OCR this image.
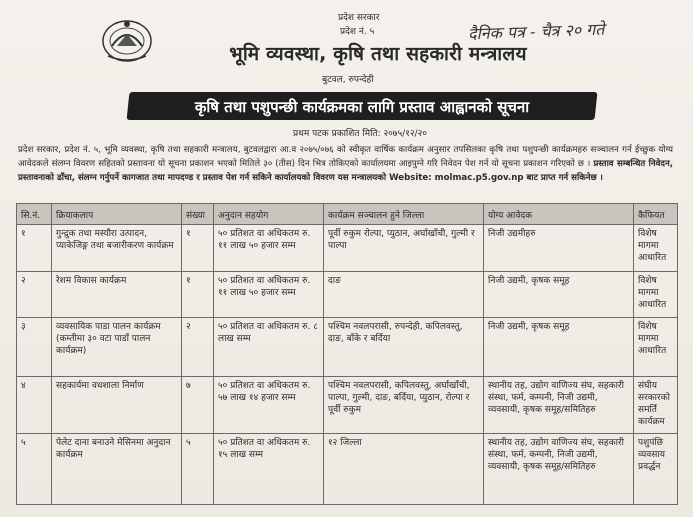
प्रदेश सरकार
प्रदेश नं. ५
भूमि व्यवस्था, कृषि तथा सहकारी मन्त्रालय
दैनिक पत्र - चैत्र २० गते
बुटवल, रुपन्देही
कृषि तथा पशुपन्छी कार्यक्रमका लागि प्रस्ताव आह्वानको सूचना
प्रथम पटक प्रकाशित मिति: २०७५/१२/२०
प्रदेश सरकार, प्रदेश नं. ५, भूमि व्यवस्था, कृषि तथा सहकारी मन्त्रालय, बुटवलद्वारा आ.व २०७५/०७६ को स्वीकृत वार्षिक कार्यक्रम अनुसार तपसिलका कृषि तथा पशुपन्छी कार्यक्रमहरु सञ्चालन गर्न ईच्छुक योग्य आवेदकले संलग्न विवरण सहितको प्रस्तावना यो सूचना प्रकाशन भएको मितिले ३० (तीस) दिन भित्र तोकिएको कार्यालयमा आइपुग्ने गरि निवेदन पेश गर्न यो सूचना प्रकाशन गरिएको छ । प्रस्ताव सम्बन्धित निवेदन, प्रस्तावनाको ढाँचा, संलग्न गर्नुपर्ने कागजात तथा मापदण्ड र प्रस्ताव पेश गर्न सकिने कार्यालयको विवरण यस मन्त्रालयको Website: molmac.p5.gov.np बाट प्राप्त गर्न सकिनेछ ।
सि.नं.	क्रियाकलाप	संख्या	अनुदान सहयोग	कार्यक्रम सञ्चालन हुने जिल्ला	योग्य आवेदक	कैफियत
१	गुन्द्रुक तथा मस्यौरा उत्पादन, प्याकेजिङ्ग तथा बजारीकरण कार्यक्रम	१	५० प्रतिशत वा अधिकतम रु. ११ लाख ५० हजार सम्म	पूर्वी रुकुम रोल्पा, प्युठान, अर्घाखाँची, गुल्मी र पाल्पा	निजी उद्यमीहरु	विशेष मागमा आधारित
२	रेशम विकास कार्यक्रम	१	५० प्रतिशत वा अधिकतम रु. ११ लाख ५० हजार सम्म	दाङ	निजी उद्यमी, कृषक समूह	विशेष मागमा आधारित
३	व्यवसायिक पाडा पालन कार्यक्रम (कम्तीमा ३० वटा पाडाँ पालन कार्यक्रम)	२	५० प्रतिशत वा अधिकतम रु. ८ लाख सम्म	पश्चिम नवलपरासी, रुपन्देही, कपिलवस्तु, दाङ, बाँके र बर्दिया	निजी उद्यमी, कृषक समूह	विशेष मागमा आधारित
४	सहकार्यमा वधशाला निर्माण	७	५० प्रतिशत वा अधिकतम रु. ५७ लाख १४ हजार सम्म	पश्चिम नवलपरासी, कपिलवस्तु, अर्घाखाँची, पाल्पा, गुल्मी, दाङ, बर्दिया, प्युठान, रोल्पा र पूर्वी रुकुम	स्थानीय तह, उद्योग वाणिज्य संघ, सहकारी संस्था, फर्म, कम्पनी, निजी उद्यमी, व्यवसायी, कृषक समूह/समितिहरु	संघीय सरकारको समर्ति कार्यक्रम
५	पेलेट दाना बनाउने मेसिनमा अनुदान कार्यक्रम	५	५० प्रतिशत वा अधिकतम रु. १५ लाख सम्म	१२ जिल्ला	स्थानीय तह, उद्योग वाणिज्य संघ, सहकारी संस्था, फर्म, कम्पनी, निजी उद्यमी, व्यवसायी, कृषक समूह/समितिहरु	पशुपंछि व्यवसाय प्रवर्द्धन
